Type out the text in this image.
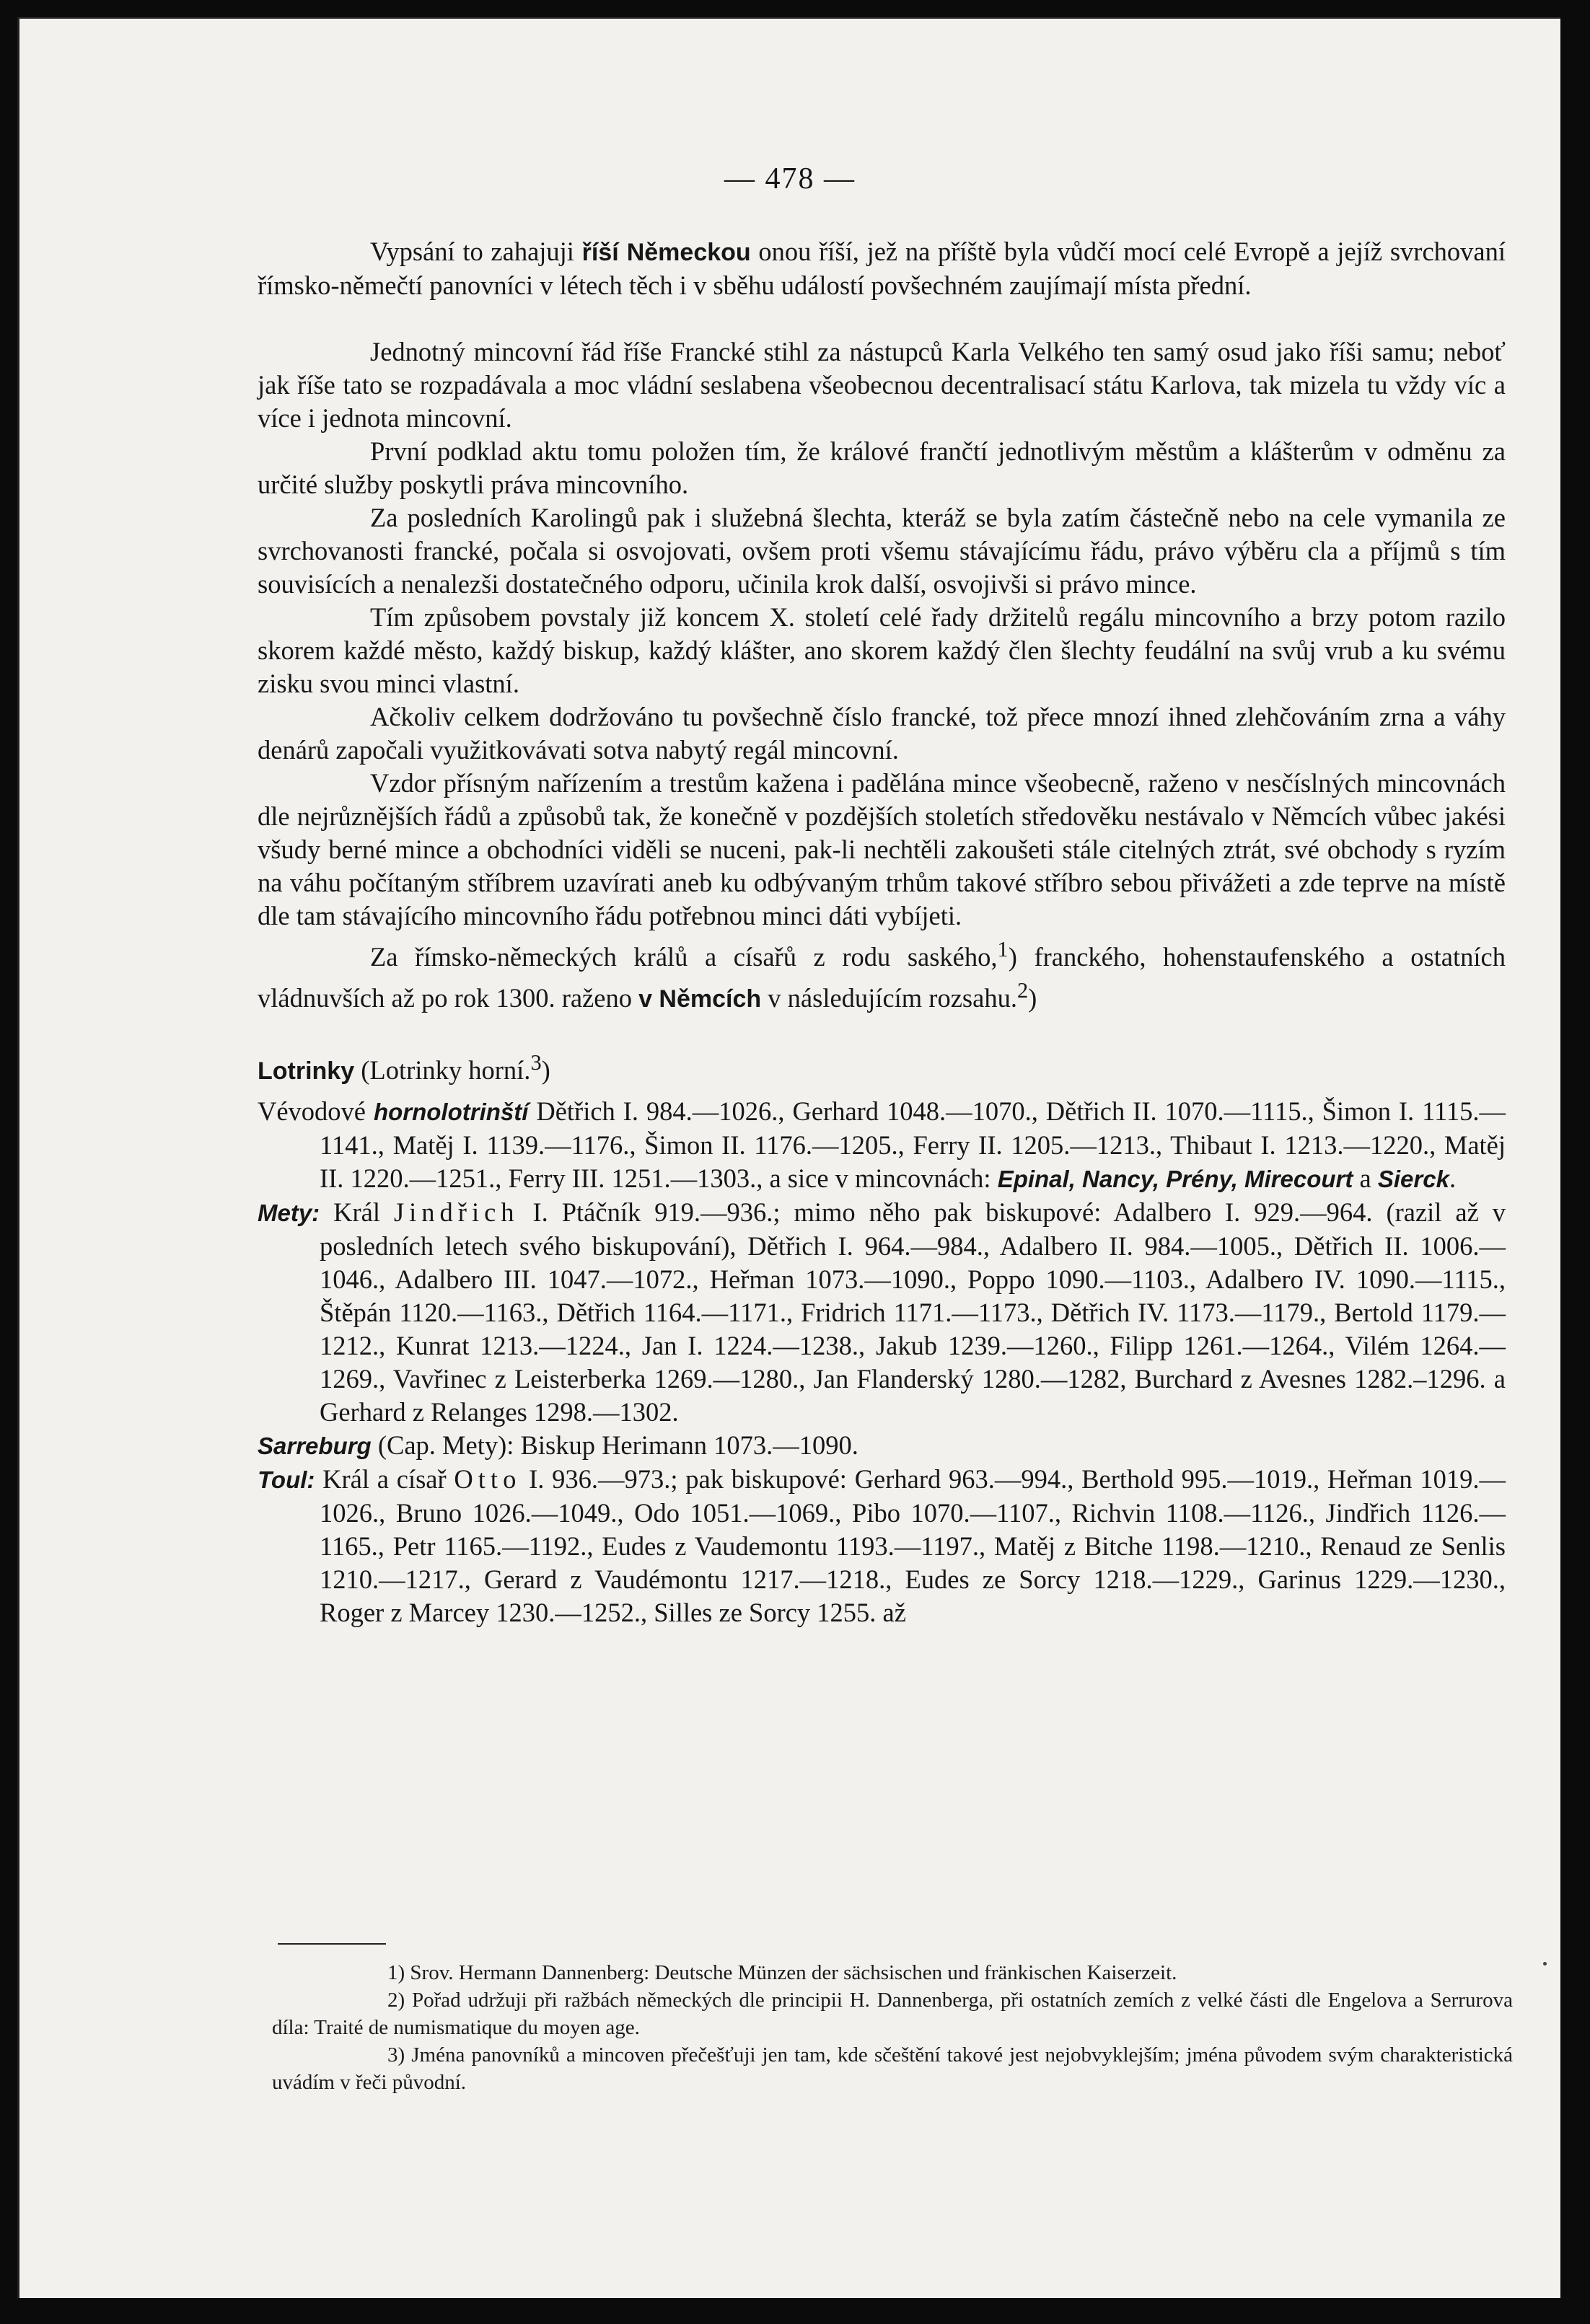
— 478 —

Vypsání to zahajuji říší Německou onou říší, jež na příště byla vůdčí mocí celé Evropě a jejíž svrchovaní římsko-němečtí panovníci v létech těch i v sběhu událostí povšechném zaujímají místa přední.

Jednotný mincovní řád říše Francké stihl za nástupců Karla Velkého ten samý osud jako říši samu; neboť jak říše tato se rozpadávala a moc vládní seslabena všeobecnou decentralisací státu Karlova, tak mizela tu vždy víc a více i jednota mincovní.

První podklad aktu tomu položen tím, že králové frančtí jednotlivým městům a klášterům v odměnu za určité služby poskytli práva mincovního.

Za posledních Karolingů pak i služebná šlechta, kteráž se byla zatím částečně nebo na cele vymanila ze svrchovanosti francké, počala si osvojovati, ovšem proti všemu stávajícímu řádu, právo výběru cla a příjmů s tím souvisících a nenalezši dostatečného odporu, učinila krok další, osvojivši si právo mince.

Tím způsobem povstaly již koncem X. století celé řady držitelů regálu mincovního a brzy potom razilo skorem každé město, každý biskup, každý klášter, ano skorem každý člen šlechty feudální na svůj vrub a ku svému zisku svou minci vlastní.

Ačkoliv celkem dodržováno tu povšechně číslo francké, tož přece mnozí ihned zlehčováním zrna a váhy denárů započali využitkovávati sotva nabytý regál mincovní.

Vzdor přísným nařízením a trestům kažena i padělána mince všeobecně, raženo v nesčíslných mincovnách dle nejrůznějších řádů a způsobů tak, že konečně v pozdějších stoletích středověku nestávalo v Němcích vůbec jakési všudy berné mince a obchodníci viděli se nuceni, pak-li nechtěli zakoušeti stále citelných ztrát, své obchody s ryzím na váhu počítaným stříbrem uzavírati aneb ku odbývaným trhům takové stříbro sebou přivážeti a zde teprve na místě dle tam stávajícího mincovního řádu potřebnou minci dáti vybíjeti.

Za římsko-německých králů a císařů z rodu saského,$^1$) franckého, hohenstaufenského a ostatních vládnuvších až po rok 1300. raženo v Němcích v následujícím rozsahu.$^2$)

Lotrinky (Lotrinky horní.$^3$)

Vévodové hornolotrinští Dětřich I. 984.—1026., Gerhard 1048.—1070., Dětřich II. 1070.—1115., Šimon I. 1115.—1141., Matěj I. 1139.—1176., Šimon II. 1176.—1205., Ferry II. 1205.—1213., Thibaut I. 1213.—1220., Matěj II. 1220.—1251., Ferry III. 1251.—1303., a sice v mincovnách: Epinal, Nancy, Prény, Mirecourt a Sierck.

Mety: Král Jindřich I. Ptáčník 919.—936.; mimo něho pak biskupové: Adalbero I. 929.—964. (razil až v posledních letech svého biskupování), Dětřich I. 964.—984., Adalbero II. 984.—1005., Dětřich II. 1006.—1046., Adalbero III. 1047.—1072., Heřman 1073.—1090., Poppo 1090.—1103., Adalbero IV. 1090.—1115., Štěpán 1120.—1163., Dětřich 1164.—1171., Fridrich 1171.—1173., Dětřich IV. 1173.—1179., Bertold 1179.—1212., Kunrat 1213.—1224., Jan I. 1224.—1238., Jakub 1239.—1260., Filipp 1261.—1264., Vilém 1264.—1269., Vavřinec z Leisterberka 1269.—1280., Jan Flanderský 1280.—1282, Burchard z Avesnes 1282.–1296. a Gerhard z Relanges 1298.—1302.

Sarreburg (Cap. Mety): Biskup Herimann 1073.—1090.

Toul: Král a císař Otto I. 936.—973.; pak biskupové: Gerhard 963.—994., Berthold 995.—1019., Heřman 1019.—1026., Bruno 1026.—1049., Odo 1051.—1069., Pibo 1070.—1107., Richvin 1108.—1126., Jindřich 1126.—1165., Petr 1165.—1192., Eudes z Vaudemontu 1193.—1197., Matěj z Bitche 1198.—1210., Renaud ze Senlis 1210.—1217., Gerard z Vaudémontu 1217.—1218., Eudes ze Sorcy 1218.—1229., Garinus 1229.—1230., Roger z Marcey 1230.—1252., Silles ze Sorcy 1255. až

1) Srov. Hermann Dannenberg: Deutsche Münzen der sächsischen und fränkischen Kaiserzeit.

2) Pořad udržuji při ražbách německých dle principii H. Dannenberga, při ostatních zemích z velké části dle Engelova a Serrurova díla: Traité de numismatique du moyen age.

3) Jména panovníků a mincoven přečešťuji jen tam, kde sčeštění takové jest nejobvyklejším; jména původem svým charakteristická uvádím v řeči původní.
